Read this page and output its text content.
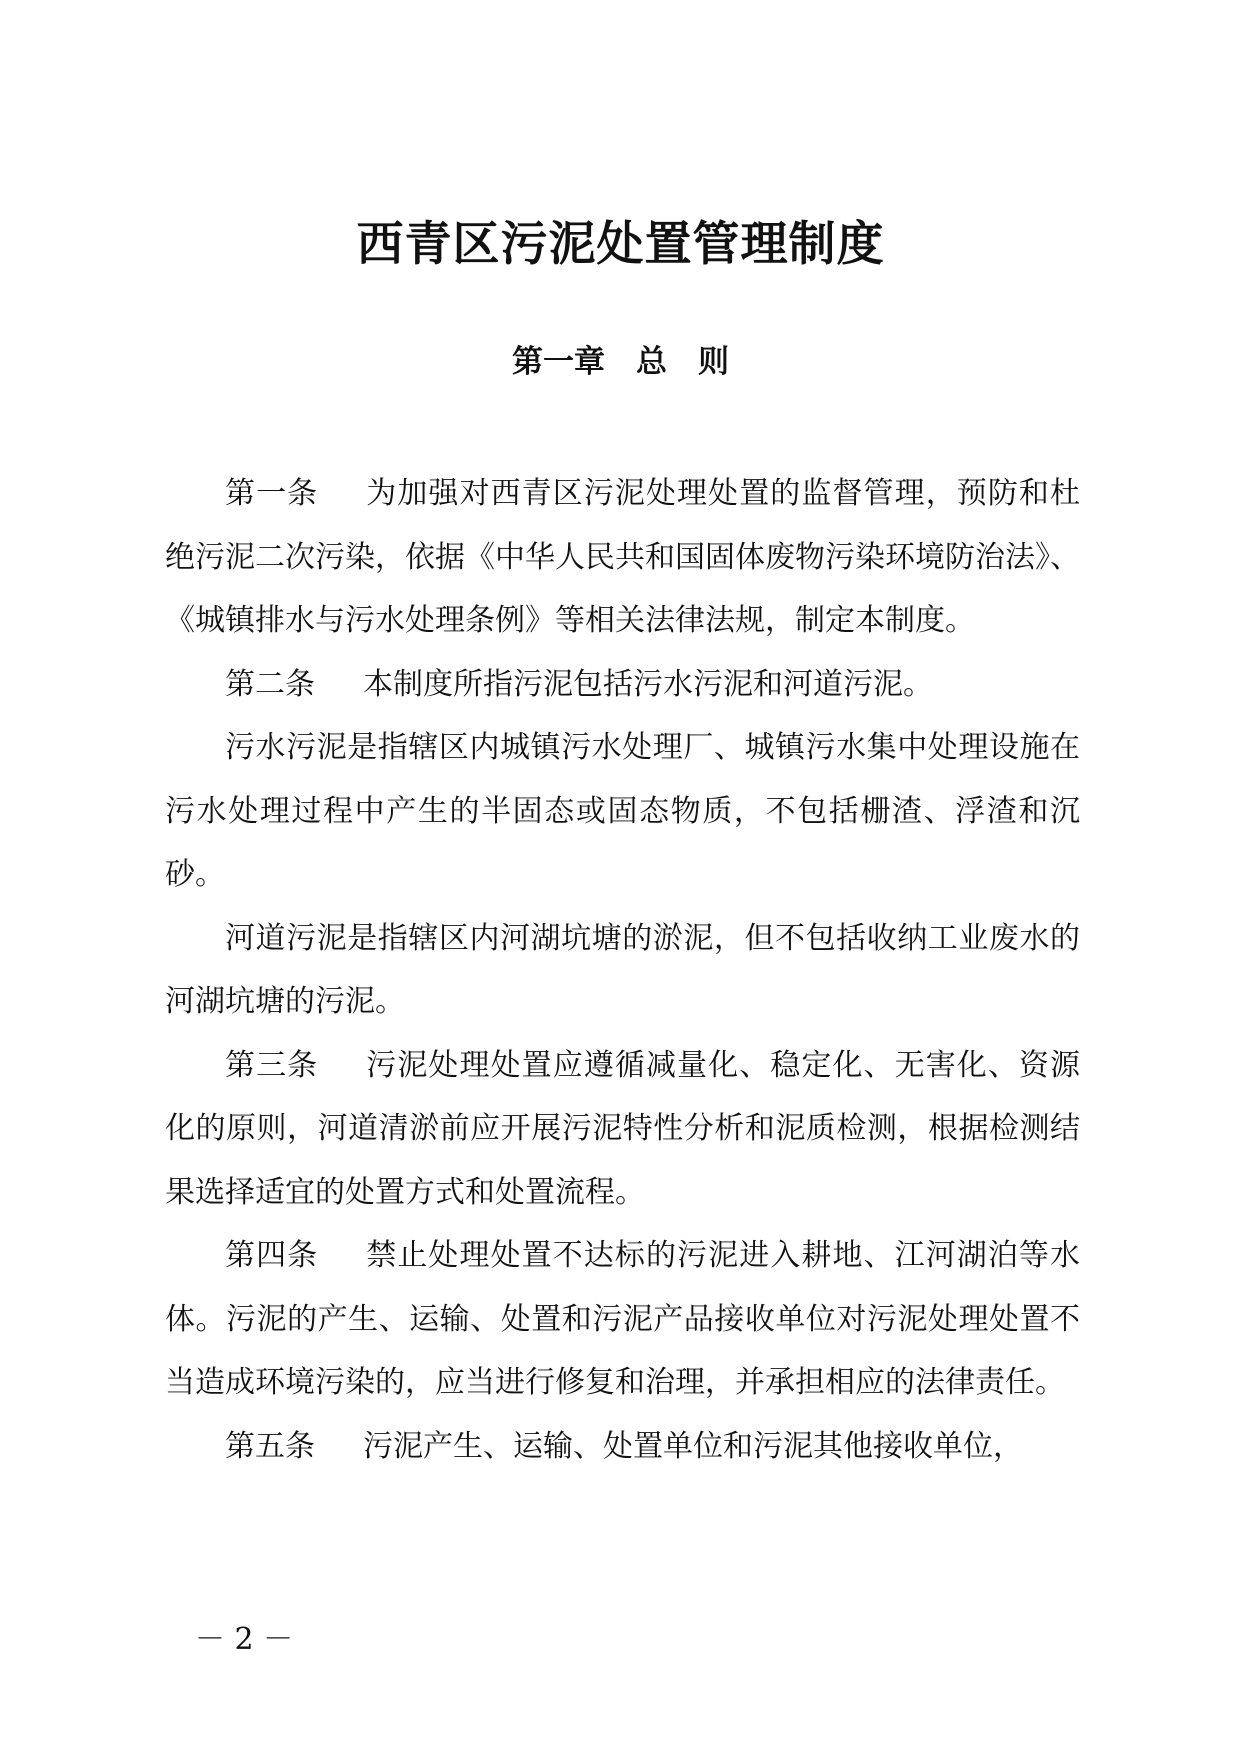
西青区污泥处置管理制度
第一章　总　则

第一条 为加强对西青区污泥处理处置的监督管理，预防和杜绝污泥二次污染，依据《中华人民共和国固体废物污染环境防治法》、《城镇排水与污水处理条例》等相关法律法规，制定本制度。

第二条 本制度所指污泥包括污水污泥和河道污泥。

污水污泥是指辖区内城镇污水处理厂、城镇污水集中处理设施在污水处理过程中产生的半固态或固态物质，不包括栅渣、浮渣和沉砂。

河道污泥是指辖区内河湖坑塘的淤泥，但不包括收纳工业废水的河湖坑塘的污泥。

第三条 污泥处理处置应遵循减量化、稳定化、无害化、资源化的原则，河道清淤前应开展污泥特性分析和泥质检测，根据检测结果选择适宜的处置方式和处置流程。

第四条 禁止处理处置不达标的污泥进入耕地、江河湖泊等水体。污泥的产生、运输、处置和污泥产品接收单位对污泥处理处置不当造成环境污染的，应当进行修复和治理，并承担相应的法律责任。

第五条 污泥产生、运输、处置单位和污泥其他接收单位，

－ 2 －
